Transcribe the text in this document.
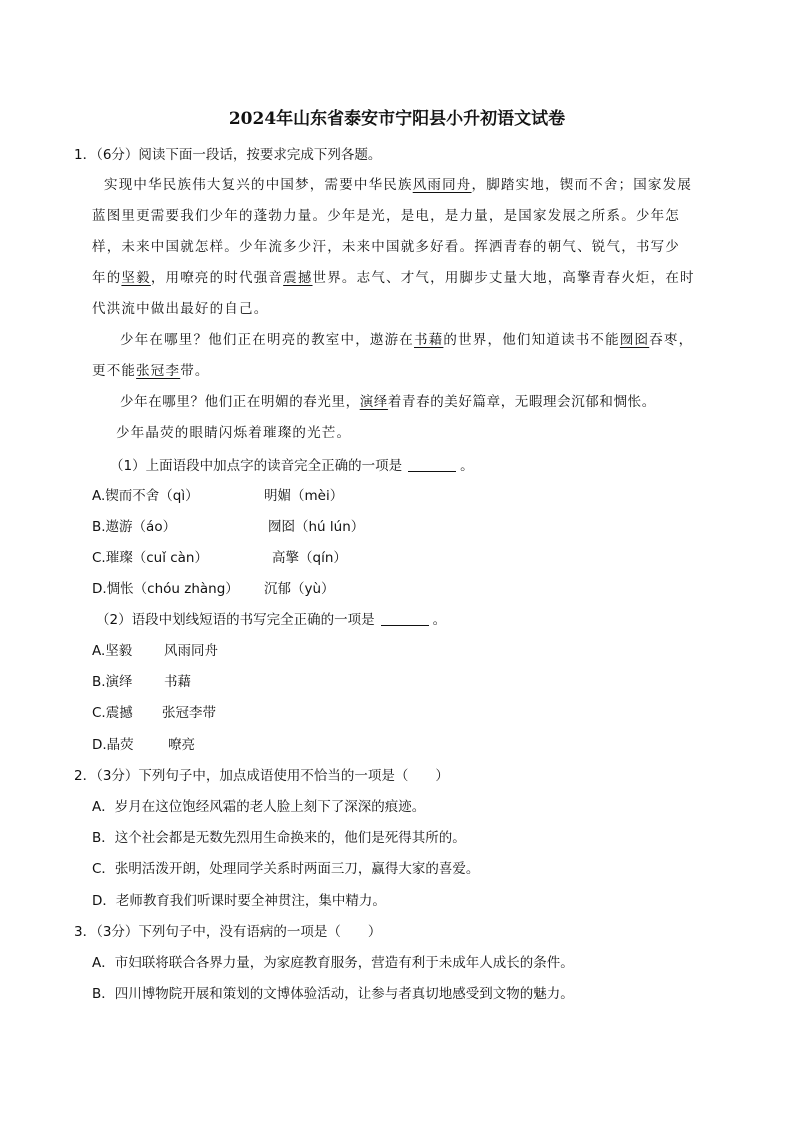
2024年山东省泰安市宁阳县小升初语文试卷
1．（6分）阅读下面一段话，按要求完成下列各题。
实现中华民族伟大复兴的中国梦，需要中华民族风雨同舟，脚踏实地，锲而不舍；国家发展
蓝图里更需要我们少年的蓬勃力量。少年是光，是电，是力量，是国家发展之所系。少年怎
样，未来中国就怎样。少年流多少汗，未来中国就多好看。挥洒青春的朝气、锐气，书写少
年的坚毅，用嘹亮的时代强音震撼世界。志气、才气，用脚步丈量大地，高擎青春火炬，在时
代洪流中做出最好的自己。
少年在哪里？他们正在明亮的教室中，遨游在书藉的世界，他们知道读书不能囫囵吞枣，
更不能张冠李带。
少年在哪里？他们正在明媚的春光里，演绎着青春的美好篇章，无暇理会沉郁和惆怅。
少年晶荧的眼睛闪烁着璀璨的光芒。
（1）上面语段中加点字的读音完全正确的一项是	。
A.锲而不舍（qì）	明媚（mèi）
B.遨游（áo）	囫囵（hú lún）
C.璀璨（cuǐ càn）	高擎（qín）
D.惆怅（chóu zhàng） 沉郁（yù）
（2）语段中划线短语的书写完全正确的一项是	。
A.坚毅 风雨同舟
B.演绎 书藉
C.震撼 张冠李带
D.晶荧	嘹亮
2．（3分）下列句子中，加点成语使用不恰当的一项是（　　）
A．岁月在这位饱经风霜的老人脸上刻下了深深的痕迹。
B．这个社会都是无数先烈用生命换来的，他们是死得其所的。
C．张明活泼开朗，处理同学关系时两面三刀，赢得大家的喜爱。
D．老师教育我们听课时要全神贯注，集中精力。
3．（3分）下列句子中，没有语病的一项是（　　）
A．市妇联将联合各界力量，为家庭教育服务，营造有利于未成年人成长的条件。
B．四川博物院开展和策划的文博体验活动，让参与者真切地感受到文物的魅力。
